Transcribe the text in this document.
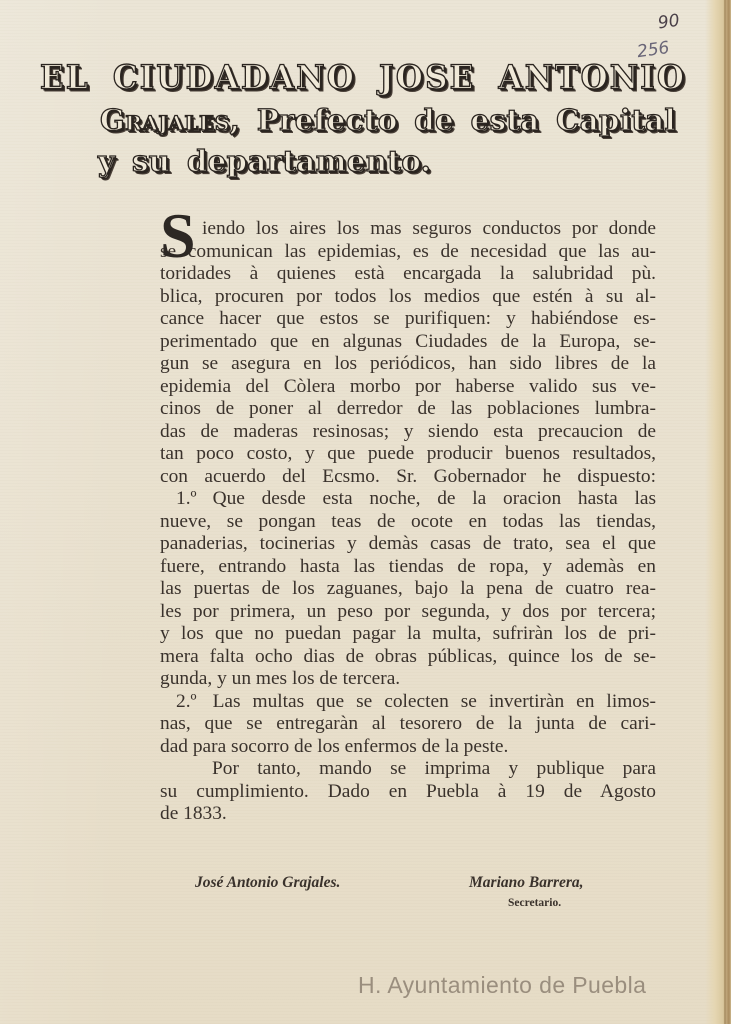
90
256
EL CIUDADANO JOSE ANTONIO
Grajales, Prefecto de esta Capital
y su departamento.
S iendo los aires los mas seguros conductos por donde
se comunican las epidemias, es de necesidad que las au-
toridades à quienes està encargada la salubridad pù.
blica, procuren por todos los medios que estén à su al-
cance hacer que estos se purifiquen: y habiéndose es-
perimentado que en algunas Ciudades de la Europa, se-
gun se asegura en los periódicos, han sido libres de la
epidemia del Còlera morbo por haberse valido sus ve-
cinos de poner al derredor de las poblaciones lumbra-
das de maderas resinosas; y siendo esta precaucion de
tan poco costo, y que puede producir buenos resultados,
con acuerdo del Ecsmo. Sr. Gobernador he dispuesto:
1.º Que desde esta noche, de la oracion hasta las
nueve, se pongan teas de ocote en todas las tiendas,
panaderias, tocinerias y demàs casas de trato, sea el que
fuere, entrando hasta las tiendas de ropa, y ademàs en
las puertas de los zaguanes, bajo la pena de cuatro rea-
les por primera, un peso por segunda, y dos por tercera;
y los que no puedan pagar la multa, sufriràn los de pri-
mera falta ocho dias de obras públicas, quince los de se-
gunda, y un mes los de tercera.
2.º Las multas que se colecten se invertiràn en limos-
nas, que se entregaràn al tesorero de la junta de cari-
dad para socorro de los enfermos de la peste.
Por tanto, mando se imprima y publique para
su cumplimiento. Dado en Puebla à 19 de Agosto
de 1833.
José Antonio Grajales.	Mariano Barrera,
Secretario.
H. Ayuntamiento de Puebla
